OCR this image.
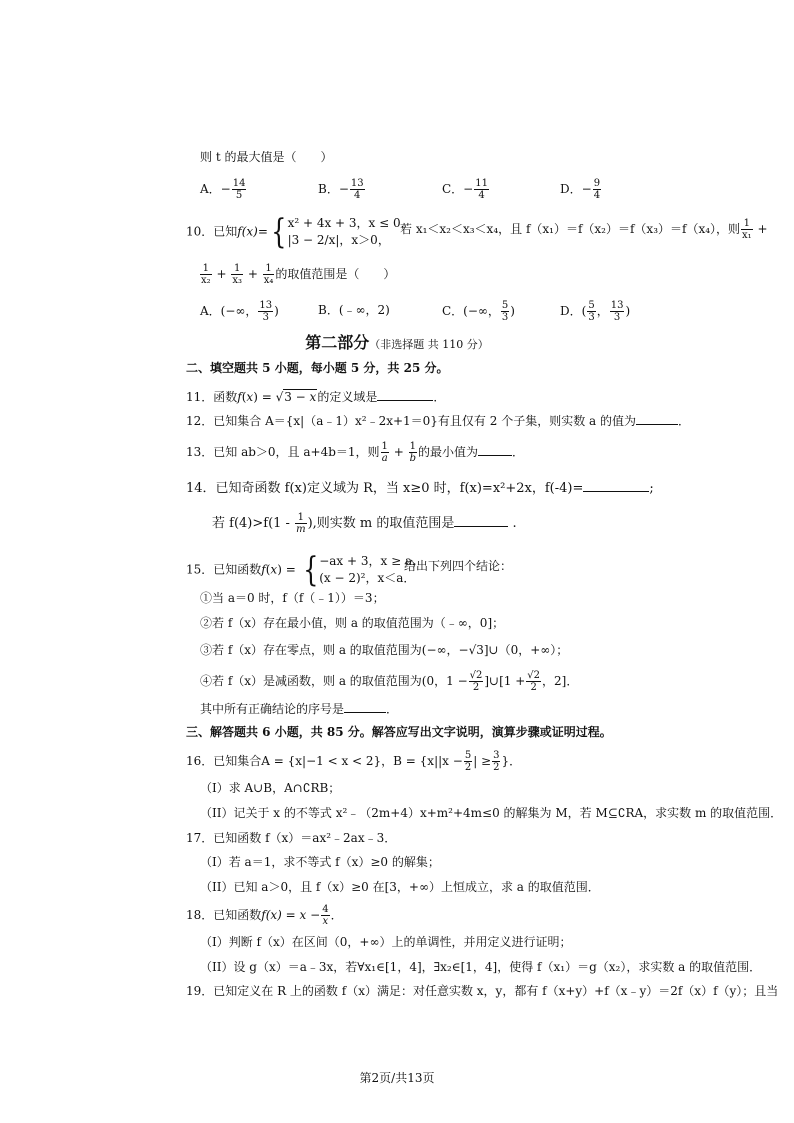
则 t 的最大值是（　　）
A．− $\frac{14}{5}$	B．− $\frac{13}{4}$	C．− $\frac{11}{4}$	D．− $\frac{9}{4}$
10．已知f(x)={x² + 4x + 3，x ≤ 0，
|3 − 2/x|，x＞0，
若 x₁＜x₂＜x₃＜x₄，且 f（x₁）＝f（x₂）＝f（x₃）＝f（x₄），则 $\frac{1}{\text{x₁}}$ +
$\frac{1}{\text{x₂}} + \frac{1}{\text{x₃}} + \frac{1}{\text{x₄}}$ 的取值范围是（　　）
A．(−∞， $\frac{13}{3}$ )	B．(﹣∞，2)	C．(−∞， $\frac{5}{3}$ )	D．( $\frac{5}{3}$ ， $\frac{13}{3}$ )
第二部分（非选择题 共 110 分）
二、填空题共 5 小题，每小题 5 分，共 25 分。
11．函数f(x) = √3 − x的定义域是	．
12．已知集合 A＝{x|（a﹣1）x²﹣2x+1＝0}有且仅有 2 个子集，则实数 a 的值为	．
13．已知 ab＞0，且 a+4b＝1，则 $\frac{1}{a} + \frac{1}{b}$ 的最小值为	．
14．已知奇函数 f(x)定义域为 R，当 x≥0 时，f(x)=x²+2x，f(-4)=	;
若 $f(4)>f(1 - \frac{1}{m}$ ),则实数 m 的取值范围是	.
15．已知函数f(x) = {−ax + 3，x ≥ a，
(x − 2)²，x＜a．
给出下列四个结论：
①当 a＝0 时，f（f（﹣1））＝3；
②若 f（x）存在最小值，则 a 的取值范围为（﹣∞，0]；
③若 f（x）存在零点，则 a 的取值范围为(−∞，−√3]∪（0，+∞）；
④若 f（x）是减函数，则 a 的取值范围为(0，$1 - \frac{√2}{2}$ ]∪[1 + $\frac{√2}{2}$ ，2]．
其中所有正确结论的序号是	．
三、解答题共 6 小题，共 85 分。解答应写出文字说明，演算步骤或证明过程。
16．已知集合A = {x|−1 < x < 2}，$B = \{x||x - \frac{5}{2}$ | ≥ $\frac{3}{2}$ }．
（I）求 A∪B，A∩∁RB；
（II）记关于 x 的不等式 x²﹣（2m+4）x+m²+4m≤0 的解集为 M，若 M⊆∁RA，求实数 m 的取值范围．
17．已知函数 f（x）＝ax²﹣2ax﹣3．
（I）若 a＝1，求不等式 f（x）≥0 的解集；
（II）已知 a＞0，且 f（x）≥0 在[3，+∞）上恒成立，求 a 的取值范围．
18．已知函数$f(x) = x - \frac{4}{x}$ ．
（I）判断 f（x）在区间（0，+∞）上的单调性，并用定义进行证明；
（II）设 g（x）＝a﹣3x，若∀x₁∈[1，4]，∃x₂∈[1，4]，使得 f（x₁）＝g（x₂），求实数 a 的取值范围．
19．已知定义在 R 上的函数 f（x）满足：对任意实数 x，y，都有 f（x+y）+f（x﹣y）＝2f（x）f（y）；且当
第2页/共13页
